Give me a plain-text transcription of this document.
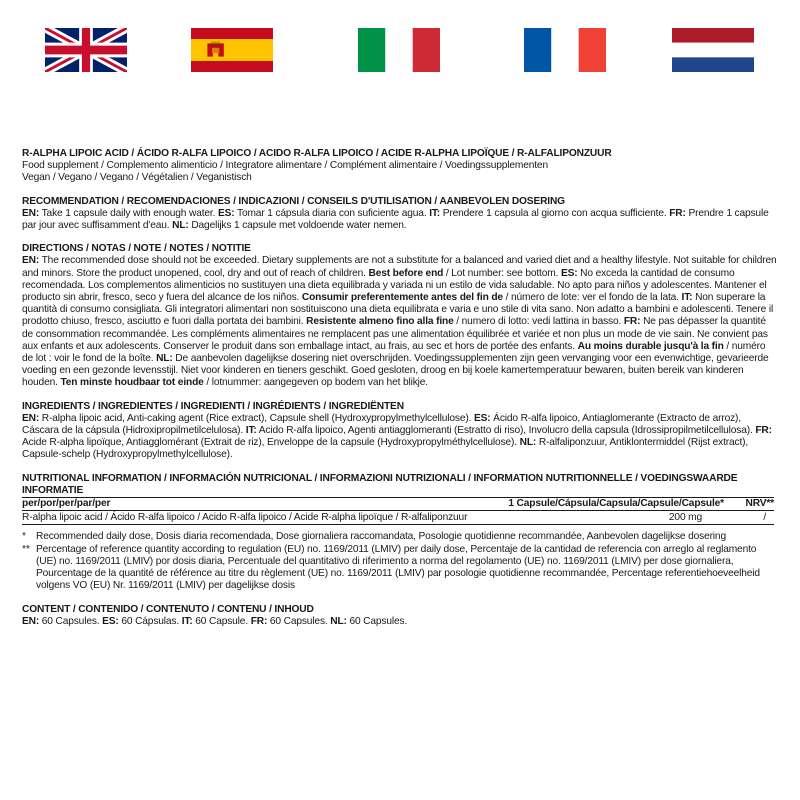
R-ALPHA LIPOIC ACID / ÁCIDO R-ALFA LIPOICO / ACIDO R-ALFA LIPOICO / ACIDE R-ALPHA LIPOÏQUE / R-ALFALIPONZUUR

Food supplement / Complemento alimenticio / Integratore alimentare / Complément alimentaire / Voedingssupplementen

Vegan / Vegano / Vegano / Végétalien / Veganistisch

RECOMMENDATION / RECOMENDACIONES / INDICAZIONI / CONSEILS D'UTILISATION / AANBEVOLEN DOSERING

EN: Take 1 capsule daily with enough water. ES: Tomar 1 cápsula diaria con suficiente agua. IT: Prendere 1 capsula al giorno con acqua sufficiente. FR: Prendre 1 capsule par jour avec suffisamment d'eau. NL: Dagelijks 1 capsule met voldoende water nemen.

DIRECTIONS / NOTAS / NOTE / NOTES / NOTITIE

EN: The recommended dose should not be exceeded. Dietary supplements are not a substitute for a balanced and varied diet and a healthy lifestyle. Not suitable for children and minors. Store the product unopened, cool, dry and out of reach of children. Best before end / Lot number: see bottom. ES: No exceda la cantidad de consumo recomendada. Los complementos alimenticios no sustituyen una dieta equilibrada y variada ni un estilo de vida saludable. No apto para niños y adolescentes. Mantener el producto sin abrir, fresco, seco y fuera del alcance de los niños. Consumir preferentemente antes del fin de / número de lote: ver el fondo de la lata. IT: Non superare la quantità di consumo consigliata. Gli integratori alimentari non sostituiscono una dieta equilibrata e varia e uno stile di vita sano. Non adatto a bambini e adolescenti. Tenere il prodotto chiuso, fresco, asciutto e fuori dalla portata dei bambini. Resistente almeno fino alla fine / numero di lotto: vedi lattina in basso. FR: Ne pas dépasser la quantité de consommation recommandée. Les compléments alimentaires ne remplacent pas une alimentation équilibrée et variée et non plus un mode de vie sain. Ne convient pas aux enfants et aux adolescents. Conserver le produit dans son emballage intact, au frais, au sec et hors de portée des enfants. Au moins durable jusqu'à la fin / numéro de lot : voir le fond de la boîte. NL: De aanbevolen dagelijkse dosering niet overschrijden. Voedingssupplementen zijn geen vervanging voor een evenwichtige, gevarieerde voeding en een gezonde levensstijl. Niet voor kinderen en tieners geschikt. Goed gesloten, droog en bij koele kamertemperatuur bewaren, buiten bereik van kinderen houden. Ten minste houdbaar tot einde / lotnummer: aangegeven op bodem van het blikje.

INGREDIENTS / INGREDIENTES / INGREDIENTI / INGRÉDIENTS / INGREDIËNTEN

EN: R-alpha lipoic acid, Anti-caking agent (Rice extract), Capsule shell (Hydroxypropylmethylcellulose). ES: Ácido R-alfa lipoico, Antiaglomerante (Extracto de arroz), Cáscara de la cápsula (Hidroxipropilmetilcelulosa). IT: Acido R-alfa lipoico, Agenti antiagglomeranti (Estratto di riso), Involucro della capsula (Idrossipropilmetilcellulosa). FR: Acide R-alpha lipoïque, Antiagglomérant (Extrait de riz), Enveloppe de la capsule (Hydroxypropylméthylcellulose). NL: R-alfaliponzuur, Antiklontermiddel (Rijst extract), Capsule-schelp (Hydroxypropylmethylcellulose).

NUTRITIONAL INFORMATION / INFORMACIÓN NUTRICIONAL / INFORMAZIONI NUTRIZIONALI / INFORMATION NUTRITIONNELLE / VOEDINGSWAARDE INFORMATIE		
per/por/per/par/per	1 Capsule/Cápsula/Capsula/Capsule/Capsule*	NRV**
R-alpha lipoic acid / Ácido R-alfa lipoico / Acido R-alfa lipoico / Acide R-alpha lipoïque / R-alfaliponzuur	200 mg	/
* Recommended daily dose, Dosis diaria recomendada, Dose giornaliera raccomandata, Posologie quotidienne recommandée, Aanbevolen dagelijkse dosering
** Percentage of reference quantity according to regulation (EU) no. 1169/2011 (LMIV) per daily dose, Percentaje de la cantidad de referencia con arreglo al reglamento (UE) no. 1169/2011 (LMIV) por dosis diaria, Percentuale del quantitativo di riferimento a norma del regolamento (UE) no. 1169/2011 (LMIV) per dose giornaliera, Pourcentage de la quantité de référence au titre du règlement (UE) no. 1169/2011 (LMIV) par posologie quotidienne recommandée, Percentage referentiehoeveelheid volgens VO (EU) Nr. 1169/2011 (LMIV) per dagelijkse dosis

CONTENT / CONTENIDO / CONTENUTO / CONTENU / INHOUD

EN: 60 Capsules. ES: 60 Cápsulas. IT: 60 Capsule. FR: 60 Capsules. NL: 60 Capsules.
